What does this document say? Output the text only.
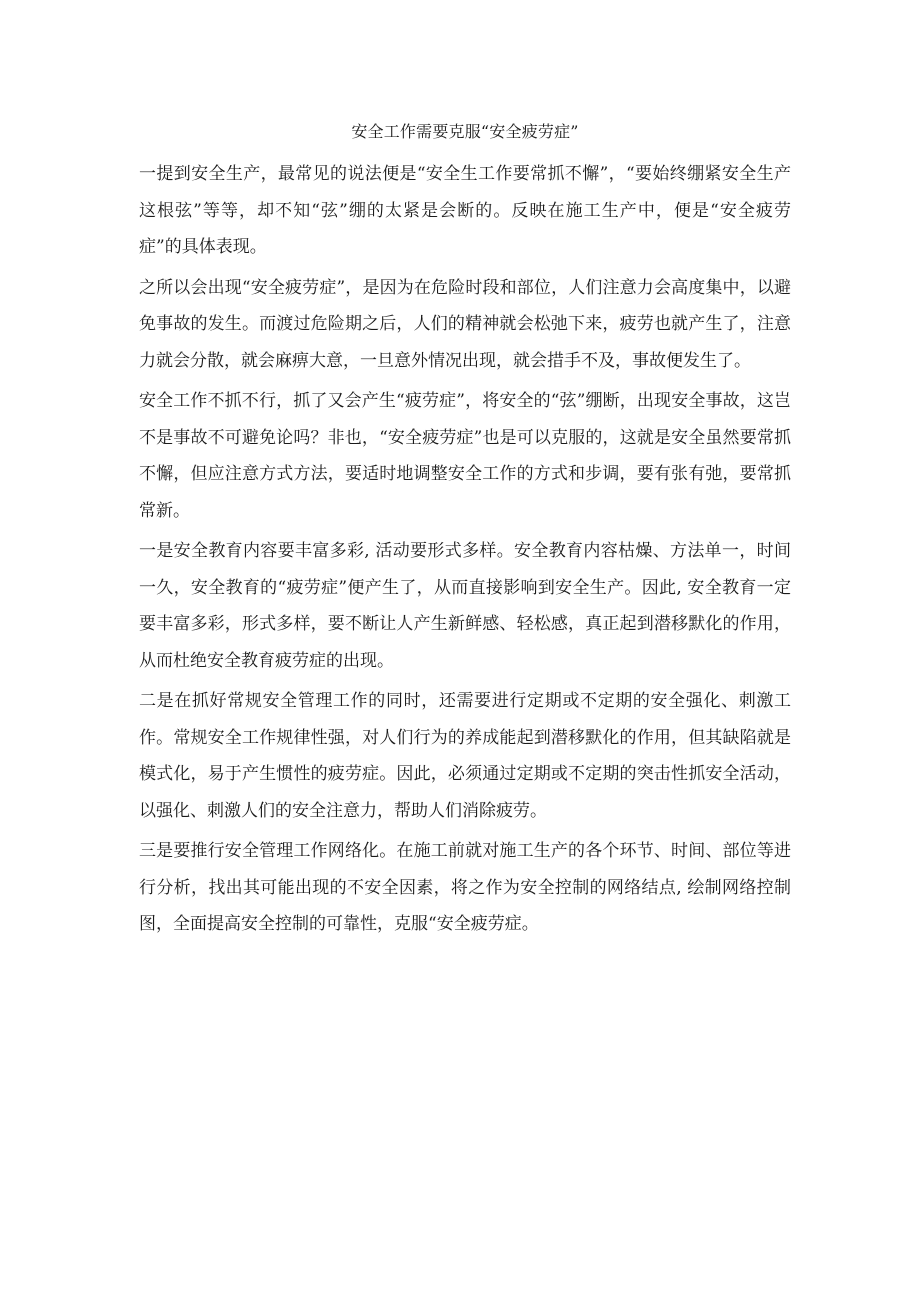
安全工作需要克服“安全疲劳症”

一提到安全生产，最常见的说法便是“安全生工作要常抓不懈”，“要始终绷紧安全生产这根弦”等等，却不知“弦”绷的太紧是会断的。反映在施工生产中，便是“安全疲劳症”的具体表现。

之所以会出现“安全疲劳症”，是因为在危险时段和部位，人们注意力会高度集中，以避免事故的发生。而渡过危险期之后，人们的精神就会松弛下来，疲劳也就产生了，注意力就会分散，就会麻痹大意，一旦意外情况出现，就会措手不及，事故便发生了。

安全工作不抓不行，抓了又会产生“疲劳症”，将安全的“弦”绷断，出现安全事故，这岂不是事故不可避免论吗？非也，“安全疲劳症”也是可以克服的，这就是安全虽然要常抓不懈，但应注意方式方法，要适时地调整安全工作的方式和步调，要有张有弛，要常抓常新。

一是安全教育内容要丰富多彩, 活动要形式多样。安全教育内容枯燥、方法单一，时间一久，安全教育的“疲劳症”便产生了，从而直接影响到安全生产。因此, 安全教育一定要丰富多彩，形式多样，要不断让人产生新鲜感、轻松感，真正起到潜移默化的作用，从而杜绝安全教育疲劳症的出现。

二是在抓好常规安全管理工作的同时，还需要进行定期或不定期的安全强化、刺激工作。常规安全工作规律性强，对人们行为的养成能起到潜移默化的作用，但其缺陷就是模式化，易于产生惯性的疲劳症。因此，必须通过定期或不定期的突击性抓安全活动，以强化、刺激人们的安全注意力，帮助人们消除疲劳。

三是要推行安全管理工作网络化。在施工前就对施工生产的各个环节、时间、部位等进行分析，找出其可能出现的不安全因素，将之作为安全控制的网络结点, 绘制网络控制图，全面提高安全控制的可靠性，克服“安全疲劳症。
